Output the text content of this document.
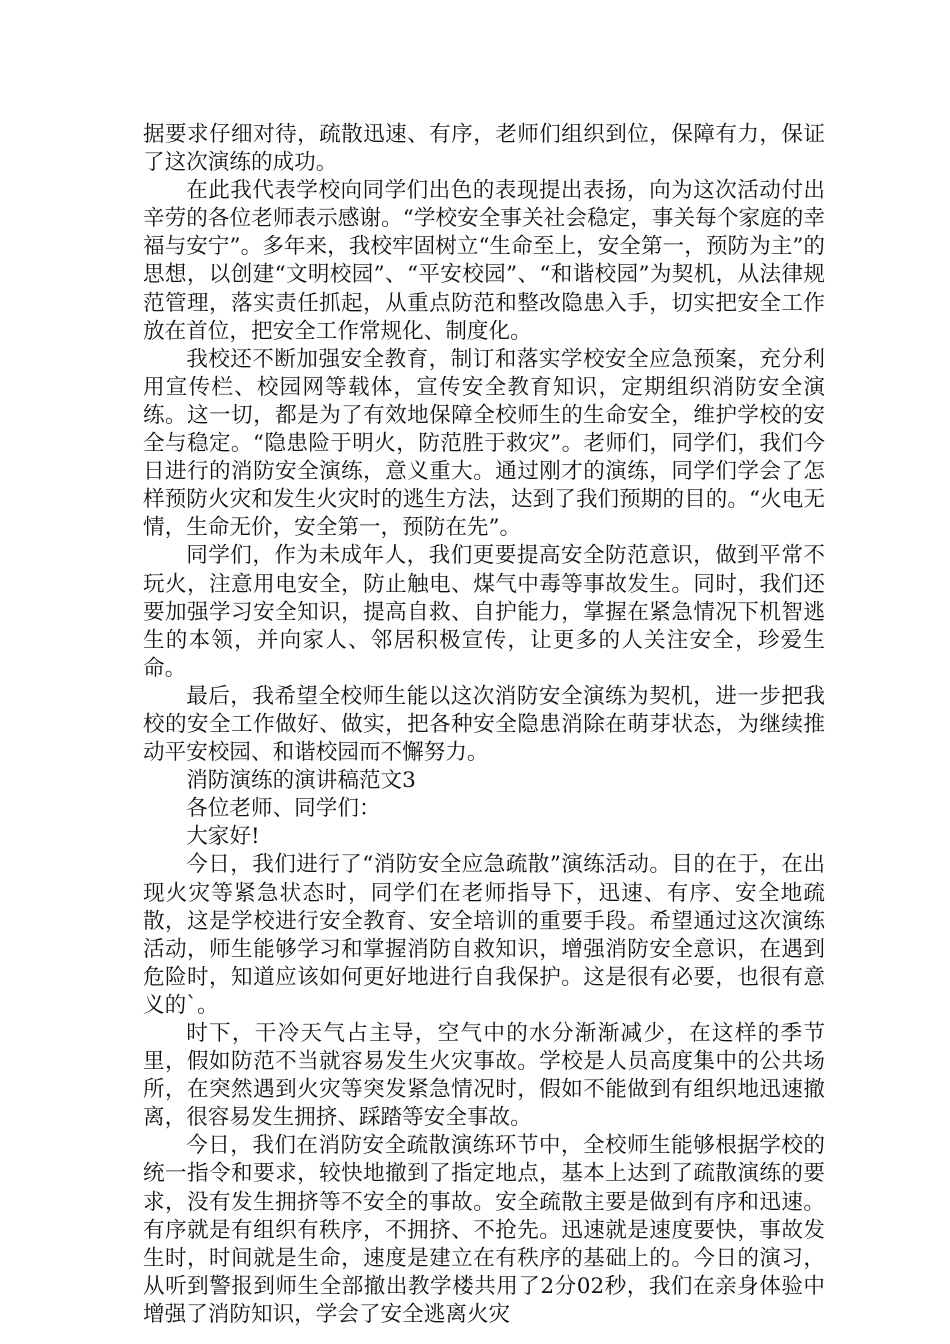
据要求仔细对待，疏散迅速、有序，老师们组织到位，保障有力，保证了这次演练的成功。

在此我代表学校向同学们出色的表现提出表扬，向为这次活动付出辛劳的各位老师表示感谢。“学校安全事关社会稳定，事关每个家庭的幸福与安宁”。多年来，我校牢固树立“生命至上，安全第一，预防为主”的思想，以创建“文明校园”、“平安校园”、“和谐校园”为契机，从法律规范管理，落实责任抓起，从重点防范和整改隐患入手，切实把安全工作放在首位，把安全工作常规化、制度化。

我校还不断加强安全教育，制订和落实学校安全应急预案，充分利用宣传栏、校园网等载体，宣传安全教育知识，定期组织消防安全演练。这一切，都是为了有效地保障全校师生的生命安全，维护学校的安全与稳定。“隐患险于明火，防范胜于救灾”。老师们，同学们，我们今日进行的消防安全演练，意义重大。通过刚才的演练，同学们学会了怎样预防火灾和发生火灾时的逃生方法，达到了我们预期的目的。“火电无情，生命无价，安全第一，预防在先”。

同学们，作为未成年人，我们更要提高安全防范意识，做到平常不玩火，注意用电安全，防止触电、煤气中毒等事故发生。同时，我们还要加强学习安全知识，提高自救、自护能力，掌握在紧急情况下机智逃生的本领，并向家人、邻居积极宣传，让更多的人关注安全，珍爱生命。

最后，我希望全校师生能以这次消防安全演练为契机，进一步把我校的安全工作做好、做实，把各种安全隐患消除在萌芽状态，为继续推动平安校园、和谐校园而不懈努力。

消防演练的演讲稿范文3

各位老师、同学们：

大家好!

今日，我们进行了“消防安全应急疏散”演练活动。目的在于，在出现火灾等紧急状态时，同学们在老师指导下，迅速、有序、安全地疏散，这是学校进行安全教育、安全培训的重要手段。希望通过这次演练活动，师生能够学习和掌握消防自救知识，增强消防安全意识，在遇到危险时，知道应该如何更好地进行自我保护。这是很有必要，也很有意义的`。

时下，干冷天气占主导，空气中的水分渐渐减少，在这样的季节里，假如防范不当就容易发生火灾事故。学校是人员高度集中的公共场所，在突然遇到火灾等突发紧急情况时，假如不能做到有组织地迅速撤离，很容易发生拥挤、踩踏等安全事故。

今日，我们在消防安全疏散演练环节中，全校师生能够根据学校的统一指令和要求，较快地撤到了指定地点，基本上达到了疏散演练的要求，没有发生拥挤等不安全的事故。安全疏散主要是做到有序和迅速。有序就是有组织有秩序，不拥挤、不抢先。迅速就是速度要快，事故发生时，时间就是生命，速度是建立在有秩序的基础上的。今日的演习，从听到警报到师生全部撤出教学楼共用了2分02秒，我们在亲身体验中增强了消防知识，学会了安全逃离火灾
